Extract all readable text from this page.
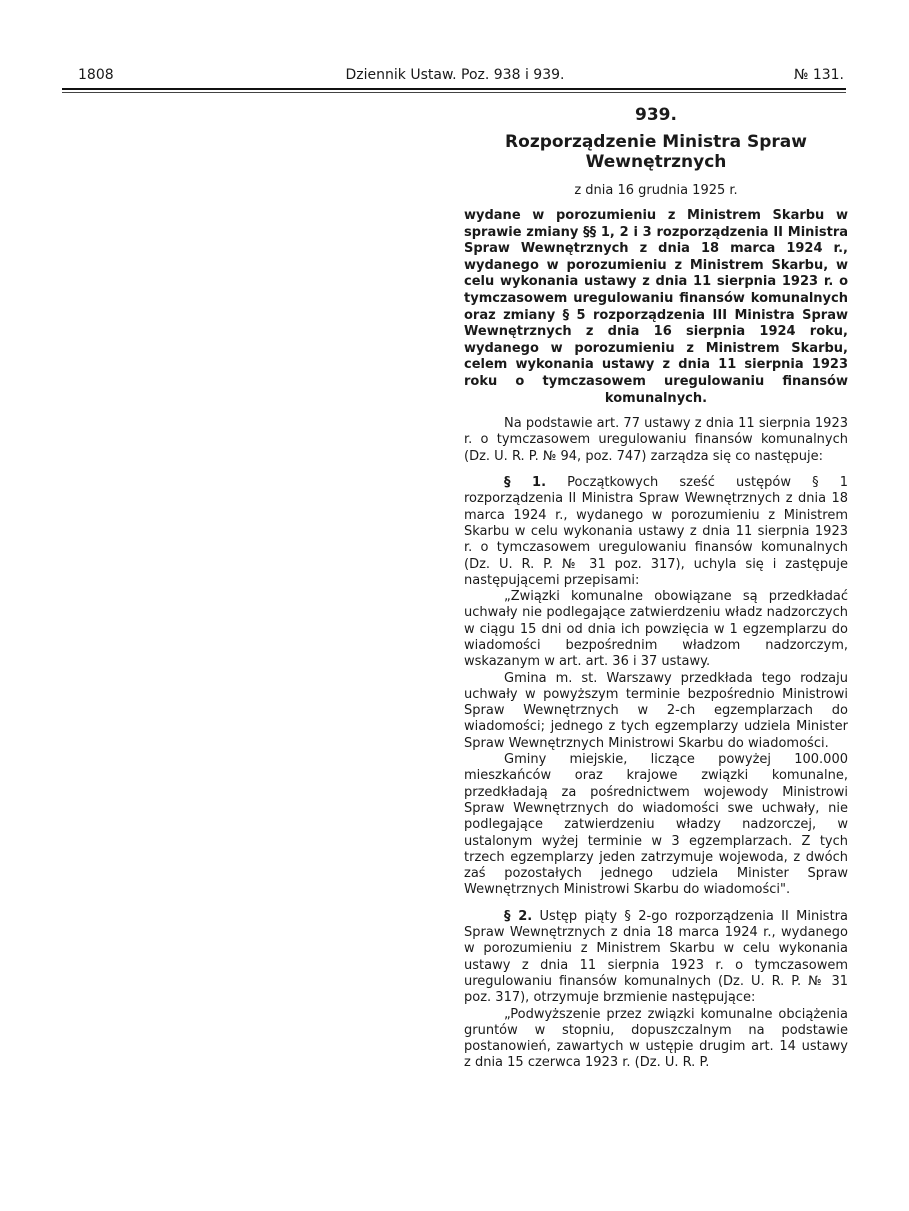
1808	Dziennik Ustaw. Poz. 938 i 939.	№ 131.

939.

Rozporządzenie Ministra Spraw
Wewnętrznych

z dnia 16 grudnia 1925 r.

wydane w porozumieniu z Ministrem Skarbu w sprawie zmiany §§ 1, 2 i 3 rozporządzenia II Ministra Spraw Wewnętrznych z dnia 18 marca 1924 r., wydanego w porozumieniu z Ministrem Skarbu, w celu wykonania ustawy z dnia 11 sierpnia 1923 r. o tymczasowem uregulowaniu finansów komunalnych oraz zmiany § 5 rozporządzenia III Ministra Spraw Wewnętrznych z dnia 16 sierpnia 1924 roku, wydanego w porozumieniu z Ministrem Skarbu, celem wykonania ustawy z dnia 11 sierpnia 1923 roku o tymczasowem uregulowaniu finansów komunalnych.

Na podstawie art. 77 ustawy z dnia 11 sierpnia 1923 r. o tymczasowem uregulowaniu finansów komunalnych (Dz. U. R. P. № 94, poz. 747) zarządza się co następuje:

§ 1. Początkowych sześć ustępów § 1 rozporządzenia II Ministra Spraw Wewnętrznych z dnia 18 marca 1924 r., wydanego w porozumieniu z Ministrem Skarbu w celu wykonania ustawy z dnia 11 sierpnia 1923 r. o tymczasowem uregulowaniu finansów komunalnych (Dz. U. R. P. № 31 poz. 317), uchyla się i zastępuje następującemi przepisami:

„Związki komunalne obowiązane są przedkładać uchwały nie podlegające zatwierdzeniu władz nadzorczych w ciągu 15 dni od dnia ich powzięcia w 1 egzemplarzu do wiadomości bezpośrednim władzom nadzorczym, wskazanym w art. art. 36 i 37 ustawy.

Gmina m. st. Warszawy przedkłada tego rodzaju uchwały w powyższym terminie bezpośrednio Ministrowi Spraw Wewnętrznych w 2-ch egzemplarzach do wiadomości; jednego z tych egzemplarzy udziela Minister Spraw Wewnętrznych Ministrowi Skarbu do wiadomości.

Gminy miejskie, liczące powyżej 100.000 mieszkańców oraz krajowe związki komunalne, przedkładają za pośrednictwem wojewody Ministrowi Spraw Wewnętrznych do wiadomości swe uchwały, nie podlegające zatwierdzeniu władzy nadzorczej, w ustalonym wyżej terminie w 3 egzemplarzach. Z tych trzech egzemplarzy jeden zatrzymuje wojewoda, z dwóch zaś pozostałych jednego udziela Minister Spraw Wewnętrznych Ministrowi Skarbu do wiadomości".

§ 2. Ustęp piąty § 2-go rozporządzenia II Ministra Spraw Wewnętrznych z dnia 18 marca 1924 r., wydanego w porozumieniu z Ministrem Skarbu w celu wykonania ustawy z dnia 11 sierpnia 1923 r. o tymczasowem uregulowaniu finansów komunalnych (Dz. U. R. P. № 31 poz. 317), otrzymuje brzmienie następujące:

„Podwyższenie przez związki komunalne obciążenia gruntów w stopniu, dopuszczalnym na podstawie postanowień, zawartych w ustępie drugim art. 14 ustawy z dnia 15 czerwca 1923 r. (Dz. U. R. P.
